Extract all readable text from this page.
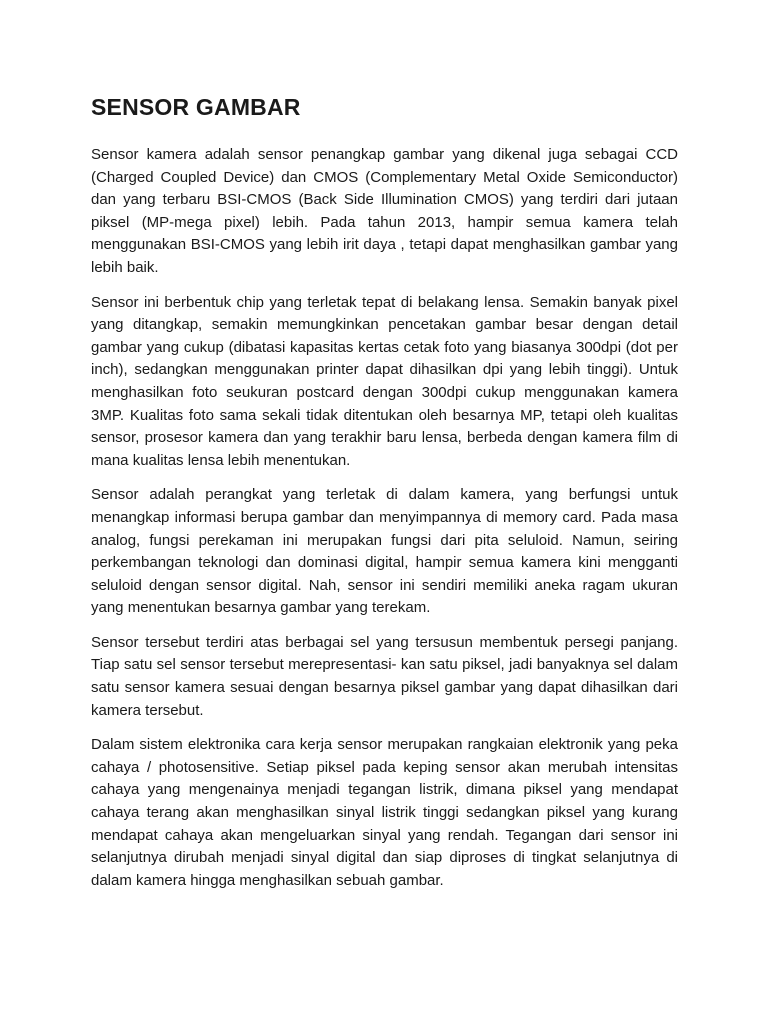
SENSOR GAMBAR

Sensor kamera adalah sensor penangkap gambar yang dikenal juga sebagai CCD (Charged Coupled Device) dan CMOS (Complementary Metal Oxide Semiconductor) dan yang terbaru BSI-CMOS (Back Side Illumination CMOS) yang terdiri dari jutaan piksel (MP-mega pixel) lebih. Pada tahun 2013, hampir semua kamera telah menggunakan BSI-CMOS yang lebih irit daya , tetapi dapat menghasilkan gambar yang lebih baik.

Sensor ini berbentuk chip yang terletak tepat di belakang lensa. Semakin banyak pixel yang ditangkap, semakin memungkinkan pencetakan gambar besar dengan detail gambar yang cukup (dibatasi kapasitas kertas cetak foto yang biasanya 300dpi (dot per inch), sedangkan menggunakan printer dapat dihasilkan dpi yang lebih tinggi). Untuk menghasilkan foto seukuran postcard dengan 300dpi cukup menggunakan kamera 3MP. Kualitas foto sama sekali tidak ditentukan oleh besarnya MP, tetapi oleh kualitas sensor, prosesor kamera dan yang terakhir baru lensa, berbeda dengan kamera film di mana kualitas lensa lebih menentukan.

Sensor adalah perangkat yang terletak di dalam kamera, yang berfungsi untuk menangkap informasi berupa gambar dan menyimpannya di memory card. Pada masa analog, fungsi perekaman ini merupakan fungsi dari pita seluloid. Namun, seiring perkembangan teknologi dan dominasi digital, hampir semua kamera kini mengganti seluloid dengan sensor digital. Nah, sensor ini sendiri memiliki aneka ragam ukuran yang menentukan besarnya gambar yang terekam.

Sensor tersebut terdiri atas berbagai sel yang tersusun membentuk persegi panjang. Tiap satu sel sensor tersebut merepresentasi- kan satu piksel, jadi banyaknya sel dalam satu sensor kamera sesuai dengan besarnya piksel gambar yang dapat dihasilkan dari kamera tersebut.

Dalam sistem elektronika cara kerja sensor merupakan rangkaian elektronik yang peka cahaya / photosensitive. Setiap piksel pada keping sensor akan merubah intensitas cahaya yang mengenainya menjadi tegangan listrik, dimana piksel yang mendapat cahaya terang akan menghasilkan sinyal listrik tinggi sedangkan piksel yang kurang mendapat cahaya akan mengeluarkan sinyal yang rendah. Tegangan dari sensor ini selanjutnya dirubah menjadi sinyal digital dan siap diproses di tingkat selanjutnya di dalam kamera hingga menghasilkan sebuah gambar.
